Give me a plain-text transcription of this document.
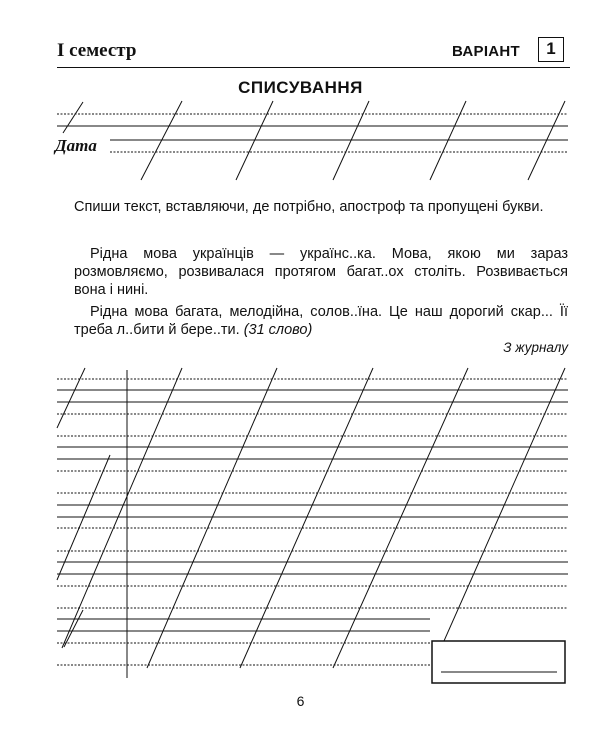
І семестр	ВАРІАНТ	1
СПИСУВАННЯ
Дата
Спиши текст, вставляючи, де потрібно, апостроф та пропущені букви.
Рідна мова українців — українс..ка. Мова, якою ми зараз розмовляємо, розвивалася протягом багат..ох століть. Розвивається вона і нині.
Рідна мова багата, мелодійна, солов..їна. Це наш дорогий скар... Її треба л..бити й бере..ти. (31 слово)
З журналу
6
